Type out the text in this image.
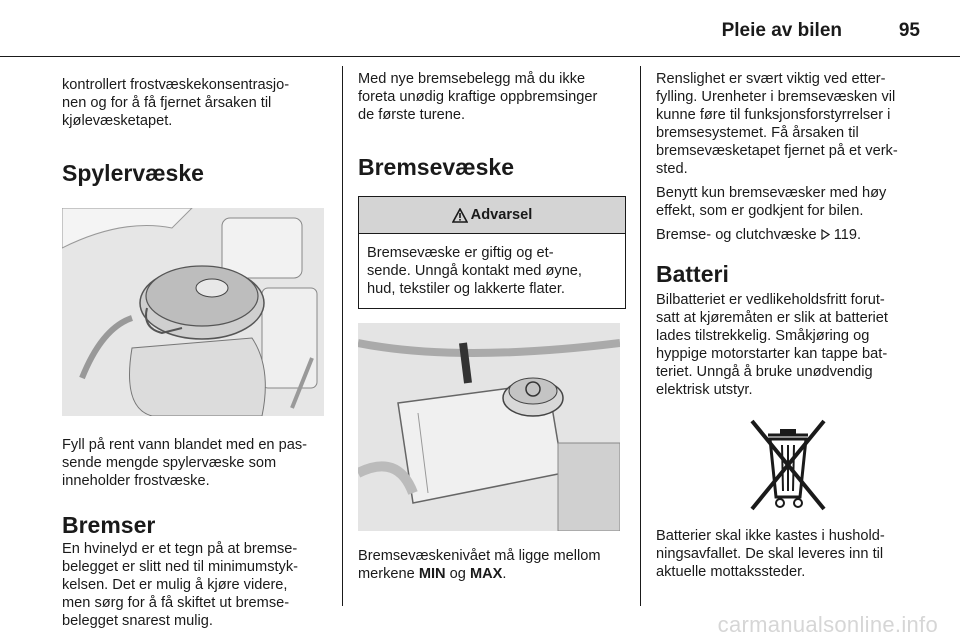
Pleie av bilen	95

kontrollert frostvæskekonsentrasjo-
nen og for å få fjernet årsaken til
kjølevæsketapet.

Spylervæske

Fyll på rent vann blandet med en pas-
sende mengde spylervæske som
inneholder frostvæske.

Bremser

En hvinelyd er et tegn på at bremse-
belegget er slitt ned til minimumstyk-
kelsen. Det er mulig å kjøre videre,
men sørg for å få skiftet ut bremse-
belegget snarest mulig.

Med nye bremsebelegg må du ikke
foreta unødig kraftige oppbremsinger
de første turene.

Bremsevæske
Advarsel

Bremsevæske er giftig og et-
sende. Unngå kontakt med øyne,
hud, tekstiler og lakkerte flater.

Bremsevæskenivået må ligge mellom
merkene MIN og MAX.

Renslighet er svært viktig ved etter-
fylling. Urenheter i bremsevæsken vil
kunne føre til funksjonsforstyrrelser i
bremsesystemet. Få årsaken til
bremsevæsketapet fjernet på et verk-
sted.

Benytt kun bremsevæsker med høy
effekt, som er godkjent for bilen.

Bremse- og clutchvæske  119.

Batteri

Bilbatteriet er vedlikeholdsfritt forut-
satt at kjøremåten er slik at batteriet
lades tilstrekkelig. Småkjøring og
hyppige motorstarter kan tappe bat-
teriet. Unngå å bruke unødvendig
elektrisk utstyr.

Batterier skal ikke kastes i hushold-
ningsavfallet. De skal leveres inn til
aktuelle mottakssteder.

carmanualsonline.info
